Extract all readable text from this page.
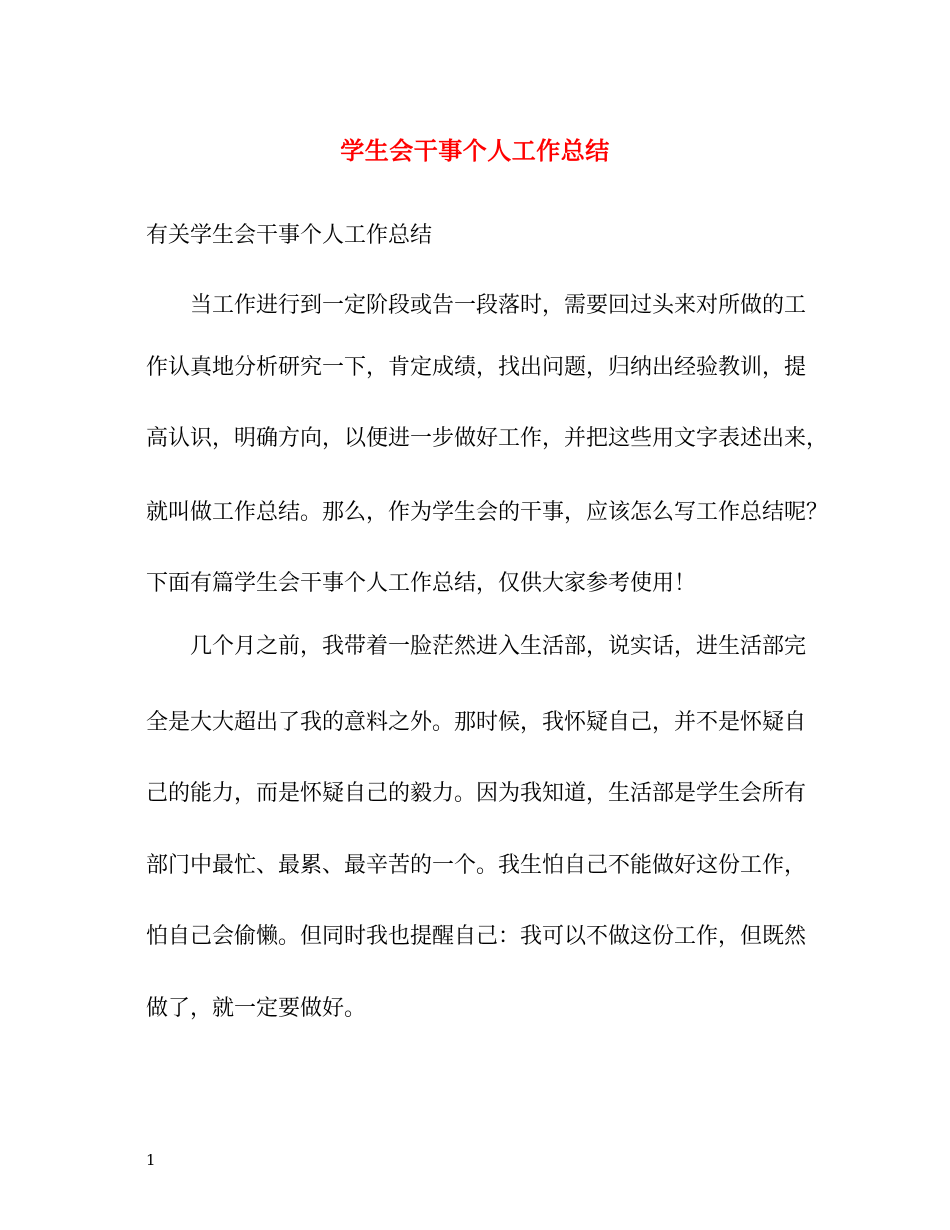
学生会干事个人工作总结
有关学生会干事个人工作总结
当工作进行到一定阶段或告一段落时，需要回过头来对所做的工
作认真地分析研究一下，肯定成绩，找出问题，归纳出经验教训，提
高认识，明确方向，以便进一步做好工作，并把这些用文字表述出来，
就叫做工作总结。那么，作为学生会的干事，应该怎么写工作总结呢？
下面有篇学生会干事个人工作总结，仅供大家参考使用！
几个月之前，我带着一脸茫然进入生活部，说实话，进生活部完
全是大大超出了我的意料之外。那时候，我怀疑自己，并不是怀疑自
己的能力，而是怀疑自己的毅力。因为我知道，生活部是学生会所有
部门中最忙、最累、最辛苦的一个。我生怕自己不能做好这份工作，
怕自己会偷懒。但同时我也提醒自己：我可以不做这份工作，但既然
做了，就一定要做好。
1
